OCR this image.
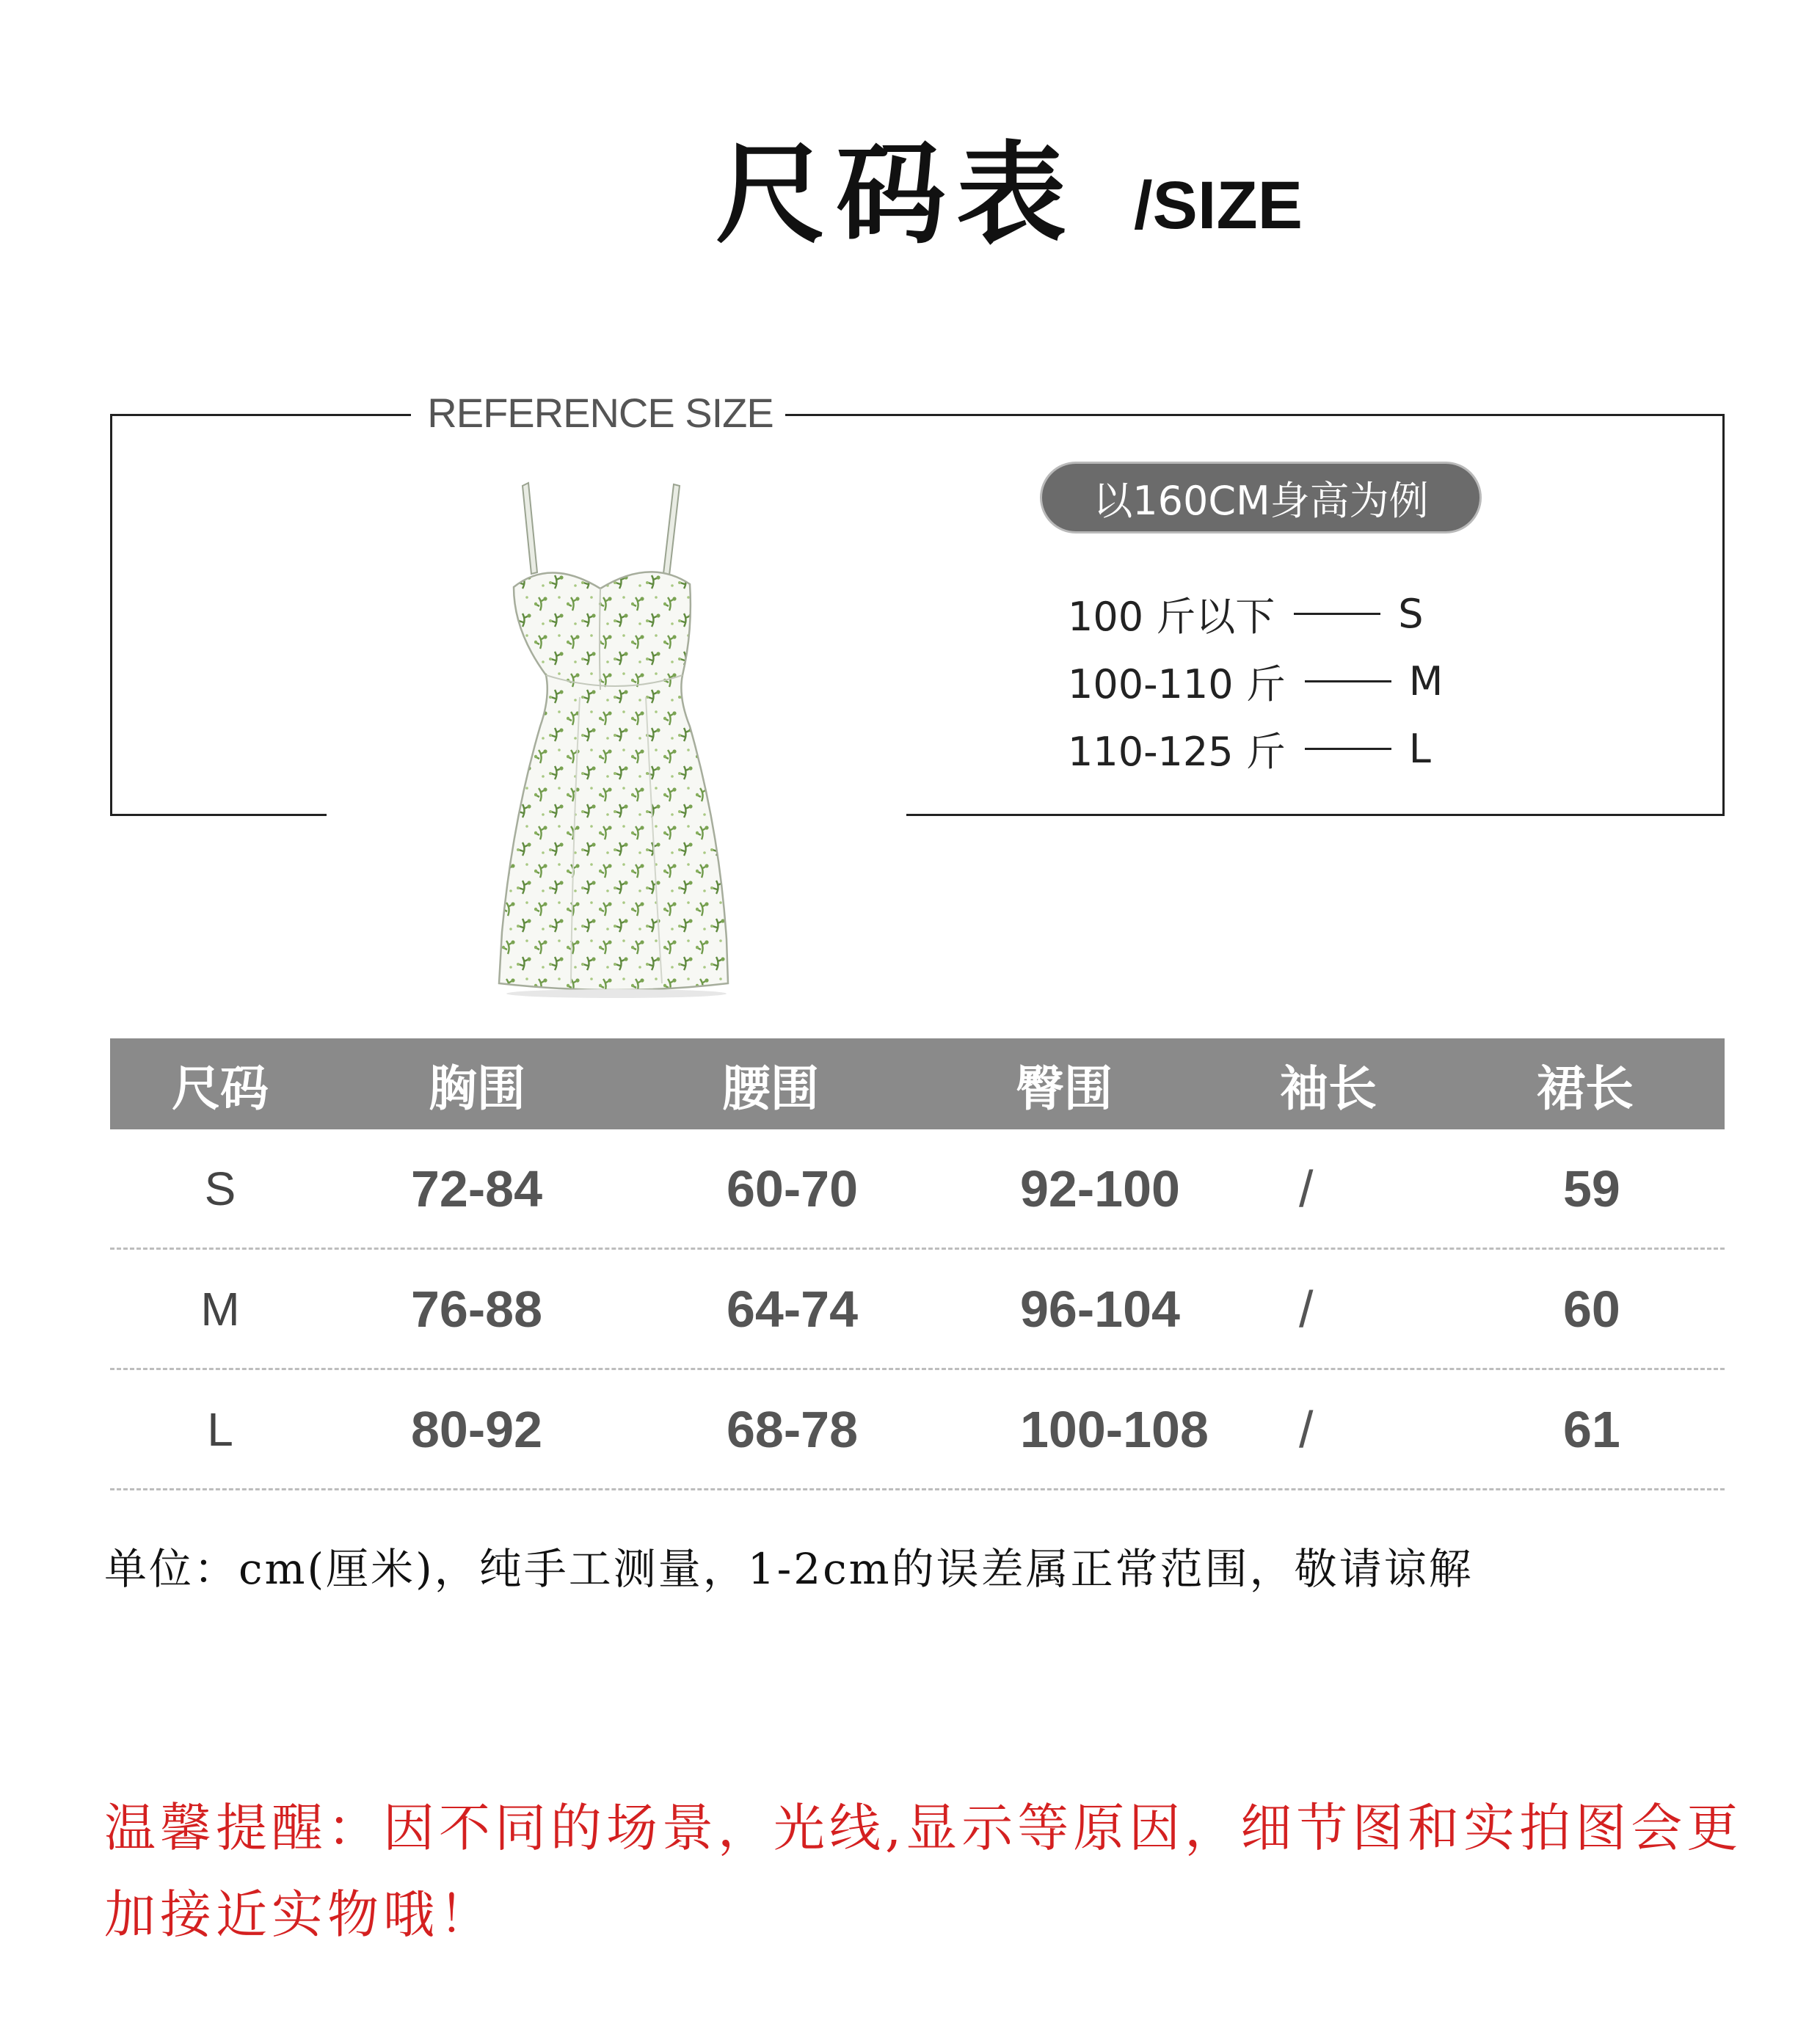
尺码表 /SIZE
REFERENCE SIZE
以160CM身高为例
100 斤以下	S
100-110 斤	M
110-125 斤	L
尺码	胸围	腰围	臀围	袖长	裙长
S	72-84	60-70	92-100	/	59
M	76-88	64-74	96-104	/	60
L	80-92	68-78	100-108	/	61
单位：cm(厘米)，纯手工测量，1-2cm的误差属正常范围，敬请谅解
温馨提醒：因不同的场景，光线,显示等原因，细节图和实拍图会更加接近实物哦！
